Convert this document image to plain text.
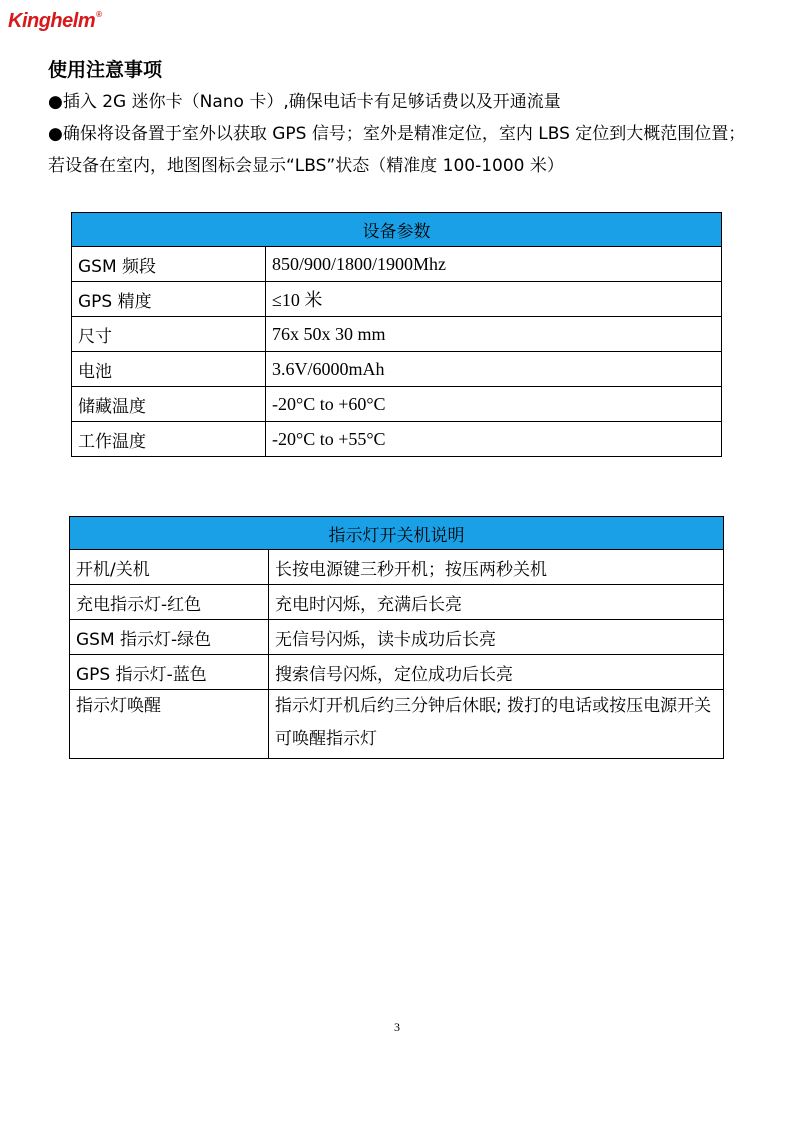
Kinghelm®
使用注意事项
●插入 2G 迷你卡（Nano 卡）,确保电话卡有足够话费以及开通流量
●确保将设备置于室外以获取 GPS 信号；室外是精准定位，室内 LBS 定位到大概范围位置；若设备在室内，地图图标会显示“LBS”状态（精准度 100-1000 米）
设备参数	
GSM 频段	850/900/1800/1900Mhz
GPS 精度	≤10 米
尺寸	76x 50x 30 mm
电池	3.6V/6000mAh
储藏温度	-20°C to +60°C
工作温度	-20°C to +55°C
指示灯开关机说明	
开机/关机	长按电源键三秒开机；按压两秒关机
充电指示灯-红色	充电时闪烁，充满后长亮
GSM 指示灯-绿色	无信号闪烁，读卡成功后长亮
GPS 指示灯-蓝色	搜索信号闪烁，定位成功后长亮
指示灯唤醒	指示灯开机后约三分钟后休眠; 拨打的电话或按压电源开关可唤醒指示灯
3
